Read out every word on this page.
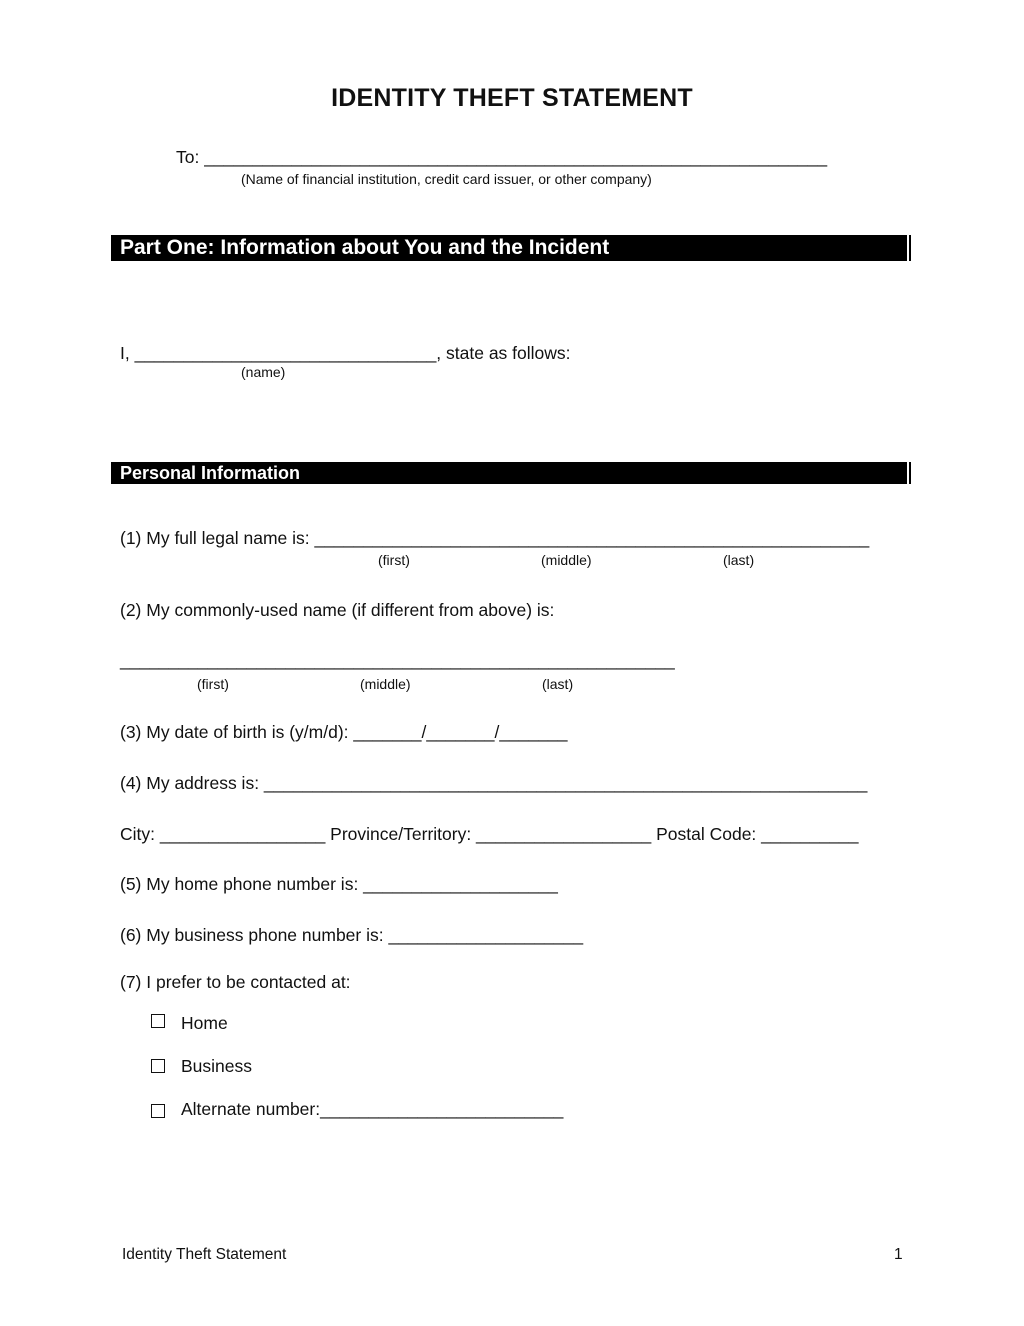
IDENTITY THEFT STATEMENT
To: ________________________________________________________________
(Name of financial institution, credit card issuer, or other company)
Part One: Information about You and the Incident
I, _______________________________, state as follows:
(name)
Personal Information
(1) My full legal name is: _________________________________________________________
(first)	(middle)	(last)
(2) My commonly-used name (if different from above) is:
_________________________________________________________
(first)	(middle)	(last)
(3) My date of birth is (y/m/d): _______/_______/_______
(4) My address is: ______________________________________________________________
City: _________________ Province/Territory: __________________ Postal Code: __________
(5) My home phone number is: ____________________
(6) My business phone number is: ____________________
(7) I prefer to be contacted at:
Home
Business
Alternate number:_________________________
Identity Theft Statement	1
